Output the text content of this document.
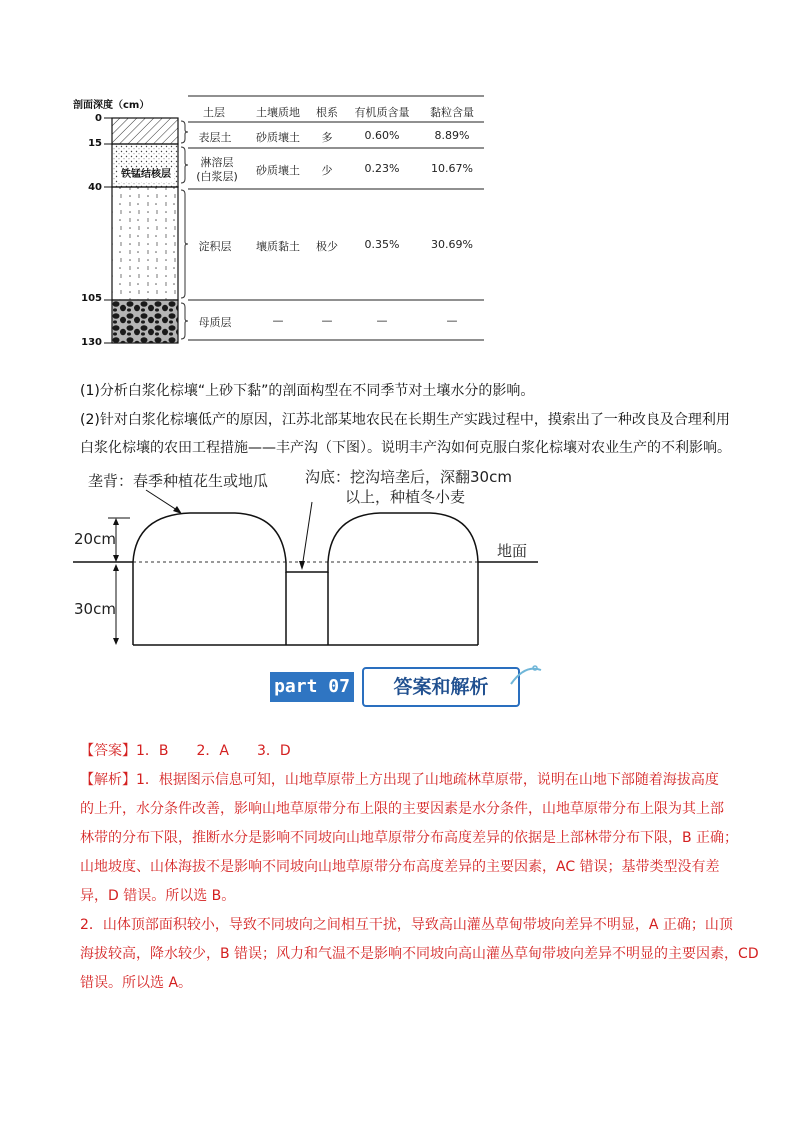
剖面深度（cm）
0
15
40
105
130
铁锰结核层
土层	土壤质地	根系	有机质含量	黏粒含量
表层土	砂质壤土	多	0.60%	8.89%
淋溶层
(白浆层)	砂质壤土	少	0.23%	10.67%
淀积层	壤质黏土	极少	0.35%	30.69%
母质层	—	—	—	—
(1)分析白浆化棕壤“上砂下黏”的剖面构型在不同季节对土壤水分的影响。
(2)针对白浆化棕壤低产的原因，江苏北部某地农民在长期生产实践过程中，摸索出了一种改良及合理利用
白浆化棕壤的农田工程措施——丰产沟（下图）。说明丰产沟如何克服白浆化棕壤对农业生产的不利影响。
垄背：春季种植花生或地瓜 沟底：挖沟培垄后，深翻30cm
以上，种植冬小麦
20cm
30cm
地面
part 07	答案和解析
【答案】1．B　　2．A　　3．D
【解析】1．根据图示信息可知，山地草原带上方出现了山地疏林草原带，说明在山地下部随着海拔高度
的上升，水分条件改善，影响山地草原带分布上限的主要因素是水分条件，山地草原带分布上限为其上部
林带的分布下限，推断水分是影响不同坡向山地草原带分布高度差异的依据是上部林带分布下限，B 正确；
山地坡度、山体海拔不是影响不同坡向山地草原带分布高度差异的主要因素，AC 错误；基带类型没有差
异，D 错误。所以选 B。
2．山体顶部面积较小，导致不同坡向之间相互干扰，导致高山灌丛草甸带坡向差异不明显，A 正确；山顶
海拔较高，降水较少，B 错误；风力和气温不是影响不同坡向高山灌丛草甸带坡向差异不明显的主要因素，CD
错误。所以选 A。
